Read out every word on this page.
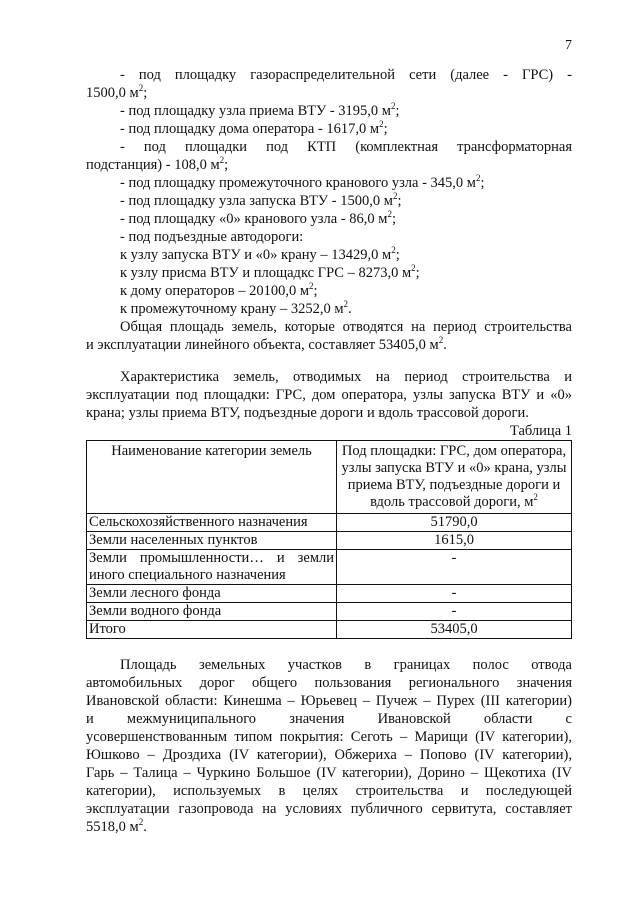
7

- под площадку газораспределительной сети (далее - ГРС) -

1500,0 $м^2$;

- под площадку узла приема ВТУ - 3195,0 $м^2$;

- под площадку дома оператора - 1617,0 $м^2$;

- под площадки под КТП (комплектная трансформаторная

подстанция) - 108,0 $м^2$;

- под площадку промежуточного кранового узла - 345,0 $м^2$;

- под площадку узла запуска ВТУ - 1500,0 $м^2$;

- под площадку «0» кранового узла - 86,0 $м^2$;

- под подъездные автодороги:

к узлу запуска ВТУ и «0» крану – 13429,0 $м^2$;

к узлу присма ВТУ и площадкс ГРС – 8273,0 $м^2$;

к дому операторов – 20100,0 $м^2$;

к промежуточному крану – 3252,0 $м^2$.

Общая площадь земель, которые отводятся на период строительства

и эксплуатации линейного объекта, составляет 53405,0 $м^2$.

Характеристика земель, отводимых на период строительства и

эксплуатации под площадки: ГРС, дом оператора, узлы запуска ВТУ и «0»

крана; узлы приема ВТУ, подъездные дороги и вдоль трассовой дороги.

Таблица 1

Наименование категории земель	Под площадки: ГРС, дом оператора, узлы запуска ВТУ и «0» крана, узлы приема ВТУ, подъездные дороги и вдоль трассовой дороги, $м^2$
Сельскохозяйственного назначения	51790,0
Земли населенных пунктов	1615,0
Земли промышленности… и земли иного специального назначения	-
Земли лесного фонда	-
Земли водного фонда	-
Итого	53405,0

Площадь земельных участков в границах полос отвода

автомобильных дорог общего пользования регионального значения

Ивановской области: Кинешма – Юрьевец – Пучеж – Пурех (III категории)

и межмуниципального значения Ивановской области с

усовершенствованным типом покрытия: Сеготь – Марищи (IV категории),

Юшково – Дроздиха (IV категории), Обжериха – Попово (IV категории),

Гарь – Талица – Чуркино Большое (IV категории), Дорино – Щекотиха (IV

категории), используемых в целях строительства и последующей

эксплуатации газопровода на условиях публичного сервитута, составляет

5518,0 $м^2$.
